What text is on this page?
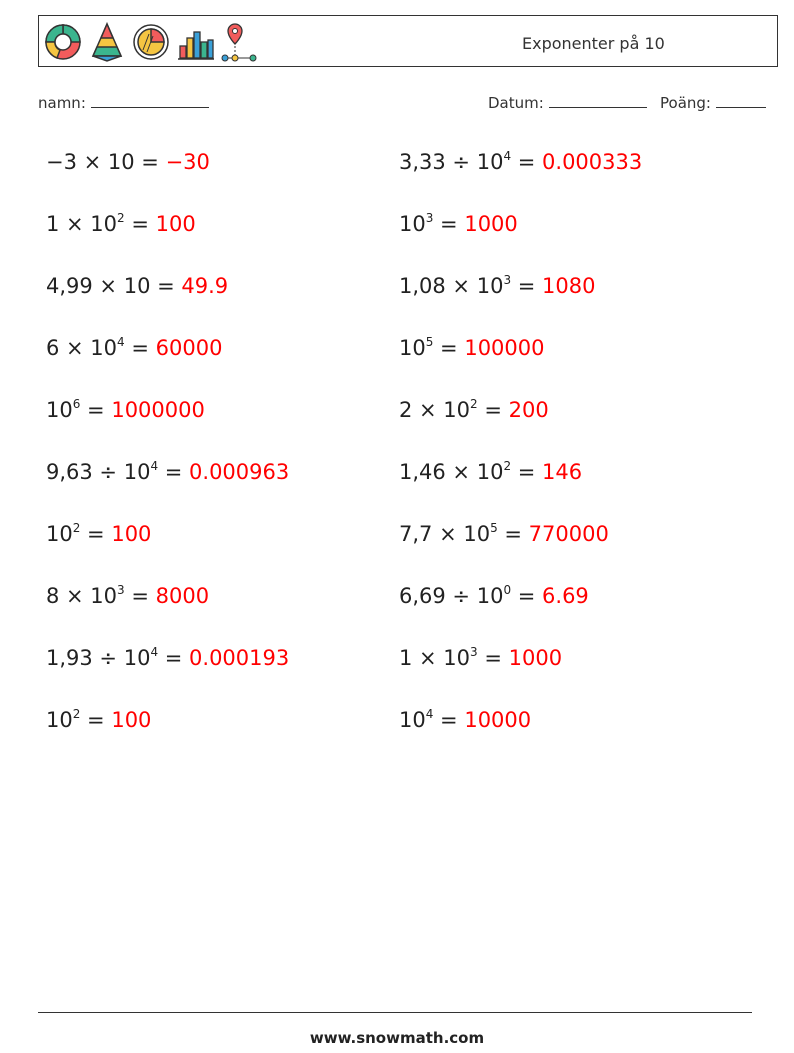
Exponenter på 10
namn:	Datum:	Poäng:
−3 × 10 = −30	$3,33 \div 10^4 = 0.000333$
$1 \times 10^2 = 100$	$10^3 = 1000$
4,99 × 10 = 49.9	$1,08 \times 10^3 = 1080$
$6 \times 10^4 = 60000$	$10^5 = 100000$
$10^6 = 1000000$	$2 \times 10^2 = 200$
$9,63 \div 10^4 = 0.000963$	$1,46 \times 10^2 = 146$
$10^2 = 100$	$7,7 \times 10^5 = 770000$
$8 \times 10^3 = 8000$	$6,69 \div 10^0 = 6.69$
$1,93 \div 10^4 = 0.000193$	$1 \times 10^3 = 1000$
$10^2 = 100$	$10^4 = 10000$
www.snowmath.com
